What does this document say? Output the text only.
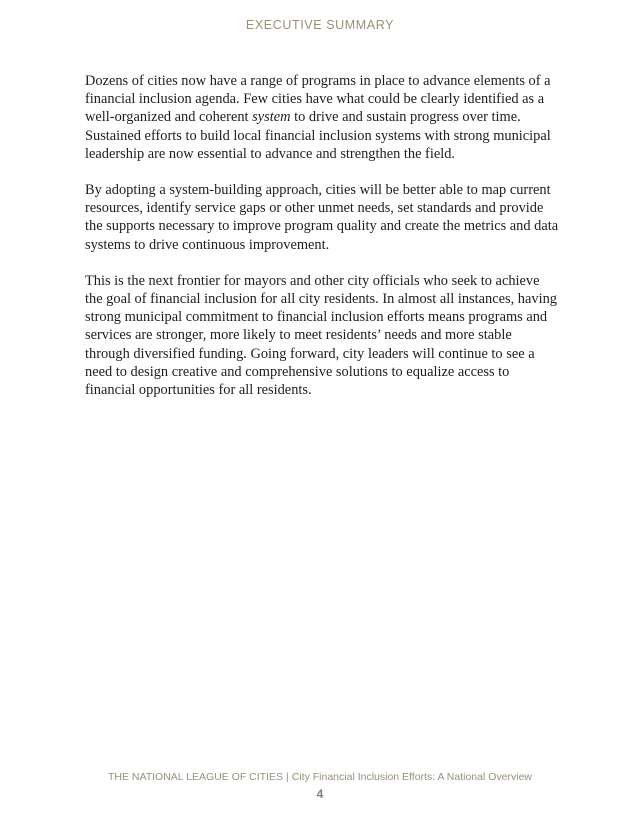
EXECUTIVE SUMMARY

Dozens of cities now have a range of programs in place to advance elements of a financial inclusion agenda. Few cities have what could be clearly identified as a well-organized and coherent system to drive and sustain progress over time. Sustained efforts to build local financial inclusion systems with strong municipal leadership are now essential to advance and strengthen the field.

By adopting a system-building approach, cities will be better able to map current resources, identify service gaps or other unmet needs, set standards and provide the supports necessary to improve program quality and create the metrics and data systems to drive continuous improvement.

This is the next frontier for mayors and other city officials who seek to achieve the goal of financial inclusion for all city residents. In almost all instances, having strong municipal commitment to financial inclusion efforts means programs and services are stronger, more likely to meet residents’ needs and more stable through diversified funding. Going forward, city leaders will continue to see a need to design creative and comprehensive solutions to equalize access to financial opportunities for all residents.

THE NATIONAL LEAGUE OF CITIES | City Financial Inclusion Efforts: A National Overview
4
